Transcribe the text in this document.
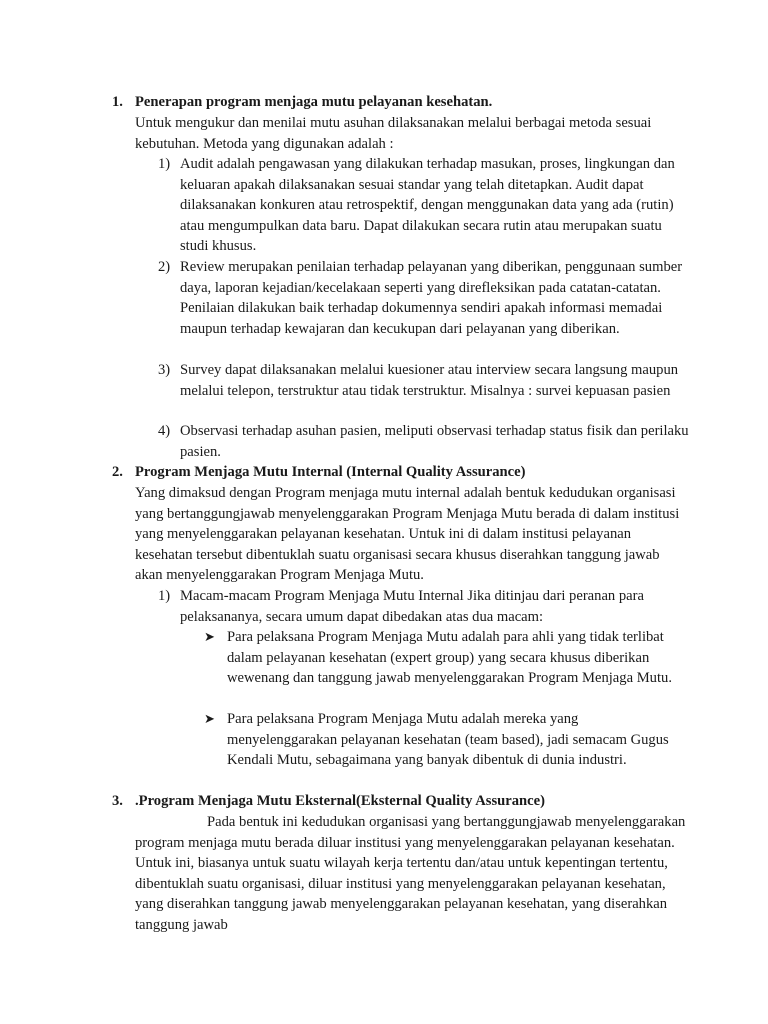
1. Penerapan program menjaga mutu pelayanan kesehatan.
Untuk mengukur dan menilai mutu asuhan dilaksanakan melalui berbagai metoda sesuai kebutuhan. Metoda yang digunakan adalah :
1) Audit adalah pengawasan yang dilakukan terhadap masukan, proses, lingkungan dan keluaran apakah dilaksanakan sesuai standar yang telah ditetapkan. Audit dapat dilaksanakan konkuren atau retrospektif, dengan menggunakan data yang ada (rutin) atau mengumpulkan data baru. Dapat dilakukan secara rutin atau merupakan suatu studi khusus.
2) Review merupakan penilaian terhadap pelayanan yang diberikan, penggunaan sumber daya, laporan kejadian/kecelakaan seperti yang direfleksikan pada catatan-catatan. Penilaian dilakukan baik terhadap dokumennya sendiri apakah informasi memadai maupun terhadap kewajaran dan kecukupan dari pelayanan yang diberikan.
3) Survey dapat dilaksanakan melalui kuesioner atau interview secara langsung maupun melalui telepon, terstruktur atau tidak terstruktur. Misalnya : survei kepuasan pasien
4) Observasi terhadap asuhan pasien, meliputi observasi terhadap status fisik dan perilaku pasien.
2. Program Menjaga Mutu Internal (Internal Quality Assurance)
Yang dimaksud dengan Program menjaga mutu internal adalah bentuk kedudukan organisasi yang bertanggungjawab menyelenggarakan Program Menjaga Mutu berada di dalam institusi yang menyelenggarakan pelayanan kesehatan. Untuk ini di dalam institusi pelayanan kesehatan tersebut dibentuklah suatu organisasi secara khusus diserahkan tanggung jawab akan menyelenggarakan Program Menjaga Mutu.
1) Macam-macam Program Menjaga Mutu Internal Jika ditinjau dari peranan para pelaksananya, secara umum dapat dibedakan atas dua macam:
➤ Para pelaksana Program Menjaga Mutu adalah para ahli yang tidak terlibat dalam pelayanan kesehatan (expert group) yang secara khusus diberikan wewenang dan tanggung jawab menyelenggarakan Program Menjaga Mutu.
➤ Para pelaksana Program Menjaga Mutu adalah mereka yang menyelenggarakan pelayanan kesehatan (team based), jadi semacam Gugus Kendali Mutu, sebagaimana yang banyak dibentuk di dunia industri.
3. .Program Menjaga Mutu Eksternal(Eksternal Quality Assurance)
Pada bentuk ini kedudukan organisasi yang bertanggungjawab menyelenggarakan program menjaga mutu berada diluar institusi yang menyelenggarakan pelayanan kesehatan. Untuk ini, biasanya untuk suatu wilayah kerja tertentu dan/atau untuk kepentingan tertentu, dibentuklah suatu organisasi, diluar institusi yang menyelenggarakan pelayanan kesehatan, yang diserahkan tanggung jawab menyelenggarakan pelayanan kesehatan, yang diserahkan tanggung jawab
